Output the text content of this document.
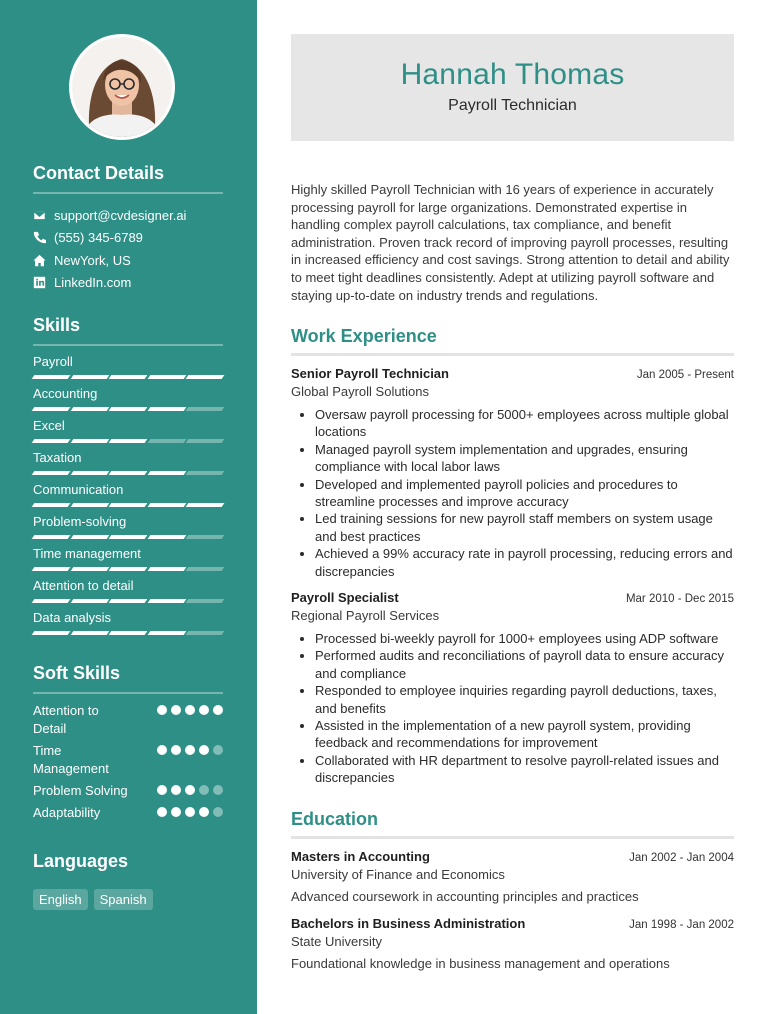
Contact Details
support@cvdesigner.ai
(555) 345-6789
NewYork, US
LinkedIn.com
Skills
Payroll
Accounting
Excel
Taxation
Communication
Problem-solving
Time management
Attention to detail
Data analysis
Soft Skills
Attention to Detail
Time Management
Problem Solving
Adaptability
Languages
English	Spanish
Hannah Thomas
Payroll Technician

Highly skilled Payroll Technician with 16 years of experience in accurately processing payroll for large organizations. Demonstrated expertise in handling complex payroll calculations, tax compliance, and benefit administration. Proven track record of improving payroll processes, resulting in increased efficiency and cost savings. Strong attention to detail and ability to meet tight deadlines consistently. Adept at utilizing payroll software and staying up-to-date on industry trends and regulations.

Work Experience
Senior Payroll Technician	Jan 2005 - Present
Global Payroll Solutions
• Oversaw payroll processing for 5000+ employees across multiple global locations
• Managed payroll system implementation and upgrades, ensuring compliance with local labor laws
• Developed and implemented payroll policies and procedures to streamline processes and improve accuracy
• Led training sessions for new payroll staff members on system usage and best practices
• Achieved a 99% accuracy rate in payroll processing, reducing errors and discrepancies
Payroll Specialist	Mar 2010 - Dec 2015
Regional Payroll Services
• Processed bi-weekly payroll for 1000+ employees using ADP software
• Performed audits and reconciliations of payroll data to ensure accuracy and compliance
• Responded to employee inquiries regarding payroll deductions, taxes, and benefits
• Assisted in the implementation of a new payroll system, providing feedback and recommendations for improvement
• Collaborated with HR department to resolve payroll-related issues and discrepancies
Education
Masters in Accounting	Jan 2002 - Jan 2004
University of Finance and Economics
Advanced coursework in accounting principles and practices
Bachelors in Business Administration	Jan 1998 - Jan 2002
State University
Foundational knowledge in business management and operations
